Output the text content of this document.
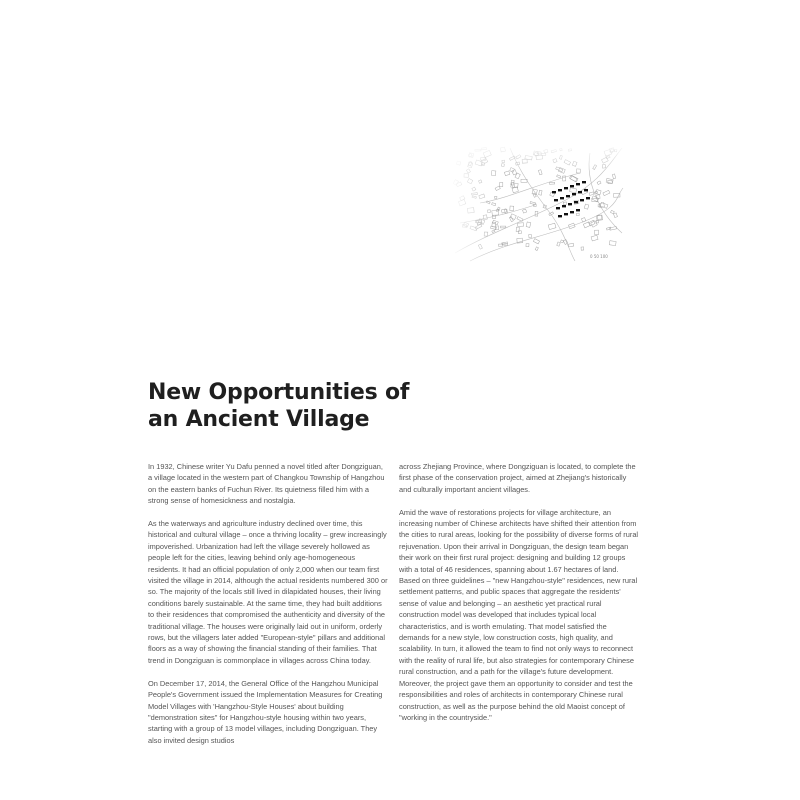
0 50 100
New Opportunities of
an Ancient Village

In 1932, Chinese writer Yu Dafu penned a novel titled after Dongziguan, a village located in the western part of Changkou Township of Hangzhou on the eastern banks of Fuchun River. Its quietness filled him with a strong sense of homesickness and nostalgia.

As the waterways and agriculture industry declined over time, this historical and cultural village – once a thriving locality – grew increasingly impoverished. Urbanization had left the village severely hollowed as people left for the cities, leaving behind only age-homogeneous residents. It had an official population of only 2,000 when our team first visited the village in 2014, although the actual residents numbered 300 or so. The majority of the locals still lived in dilapidated houses, their living conditions barely sustainable. At the same time, they had built additions to their residences that compromised the authenticity and diversity of the traditional village. The houses were originally laid out in uniform, orderly rows, but the villagers later added "European-style" pillars and additional floors as a way of showing the financial standing of their families. That trend in Dongziguan is commonplace in villages across China today.

On December 17, 2014, the General Office of the Hangzhou Municipal People's Government issued the Implementation Measures for Creating Model Villages with 'Hangzhou-Style Houses' about building "demonstration sites" for Hangzhou-style housing within two years, starting with a group of 13 model villages, including Dongziguan. They also invited design studios

across Zhejiang Province, where Dongziguan is located, to complete the first phase of the conservation project, aimed at Zhejiang's historically and culturally important ancient villages.

Amid the wave of restorations projects for village architecture, an increasing number of Chinese architects have shifted their attention from the cities to rural areas, looking for the possibility of diverse forms of rural rejuvenation. Upon their arrival in Dongziguan, the design team began their work on their first rural project: designing and building 12 groups with a total of 46 residences, spanning about 1.67 hectares of land. Based on three guidelines – "new Hangzhou-style" residences, new rural settlement patterns, and public spaces that aggregate the residents' sense of value and belonging – an aesthetic yet practical rural construction model was developed that includes typical local characteristics, and is worth emulating. That model satisfied the demands for a new style, low construction costs, high quality, and scalability. In turn, it allowed the team to find not only ways to reconnect with the reality of rural life, but also strategies for contemporary Chinese rural construction, and a path for the village's future development. Moreover, the project gave them an opportunity to consider and test the responsibilities and roles of architects in contemporary Chinese rural construction, as well as the purpose behind the old Maoist concept of "working in the countryside."
